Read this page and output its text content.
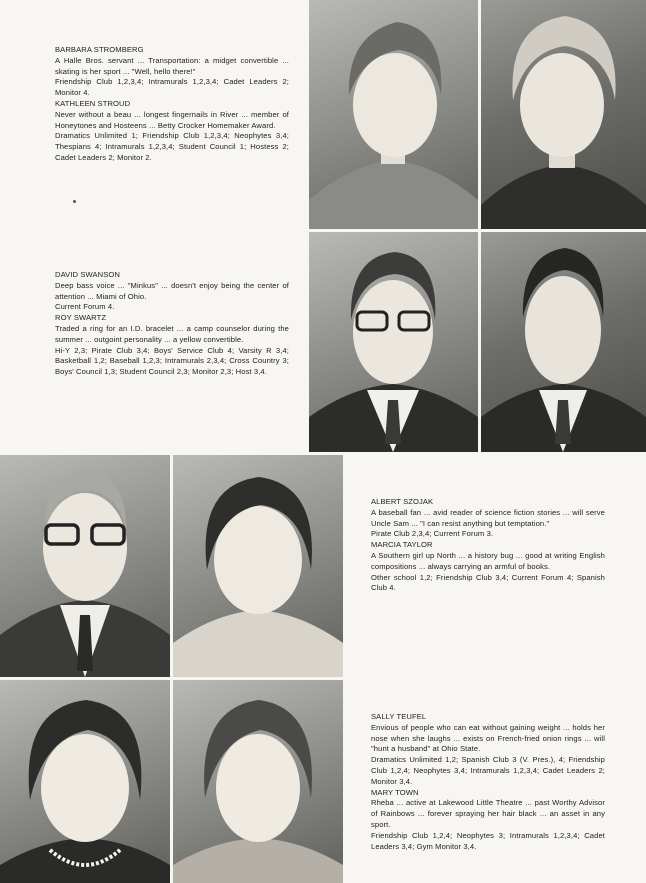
BARBARA STROMBERG

A Halle Bros. servant ... Transportation: a midget convertible ... skating is her sport ... "Well, hello there!"

Friendship Club 1,2,3,4; Intramurals 1,2,3,4; Cadet Leaders 2; Monitor 4.

KATHLEEN STROUD

Never without a beau ... longest fingernails in River ... member of Honeytones and Hosteens ... Betty Crocker Homemaker Award.

Dramatics Unlimited 1; Friendship Club 1,2,3,4; Neophytes 3,4; Thespians 4; Intramurals 1,2,3,4; Student Council 1; Hostess 2; Cadet Leaders 2; Monitor 2.

DAVID SWANSON

Deep bass voice ... "Minkus" ... doesn't enjoy being the center of attention ... Miami of Ohio.

Current Forum 4.

ROY SWARTZ

Traded a ring for an I.D. bracelet ... a camp counselor during the summer ... outgoint personality ... a yellow convertible.

Hi-Y 2,3; Pirate Club 3,4; Boys' Service Club 4; Varsity R 3,4; Basketball 1,2; Baseball 1,2,3; Intramurals 2,3,4; Cross Country 3; Boys' Council 1,3; Student Council 2,3; Monitor 2,3; Host 3,4.

ALBERT SZOJAK

A baseball fan ... avid reader of science fiction stories ... will serve Uncle Sam ... "I can resist anything but temptation."

Pirate Club 2,3,4; Current Forum 3.

MARCIA TAYLOR

A Southern girl up North ... a history bug ... good at writing English compositions ... always carrying an armful of books.

Other school 1,2; Friendship Club 3,4; Current Forum 4; Spanish Club 4.

SALLY TEUFEL

Envious of people who can eat without gaining weight ... holds her nose when she laughs ... exists on French-fried onion rings ... will "hunt a husband" at Ohio State.

Dramatics Unlimited 1,2; Spanish Club 3 (V. Pres.), 4; Friendship Club 1,2,4; Neophytes 3,4; Intramurals 1,2,3,4; Cadet Leaders 2; Monitor 3,4.

MARY TOWN

Rheba ... active at Lakewood Little Theatre ... past Worthy Advisor of Rainbows ... forever spraying her hair black ... an asset in any sport.

Friendship Club 1,2,4; Neophytes 3; Intramurals 1,2,3,4; Cadet Leaders 3,4; Gym Monitor 3,4.
